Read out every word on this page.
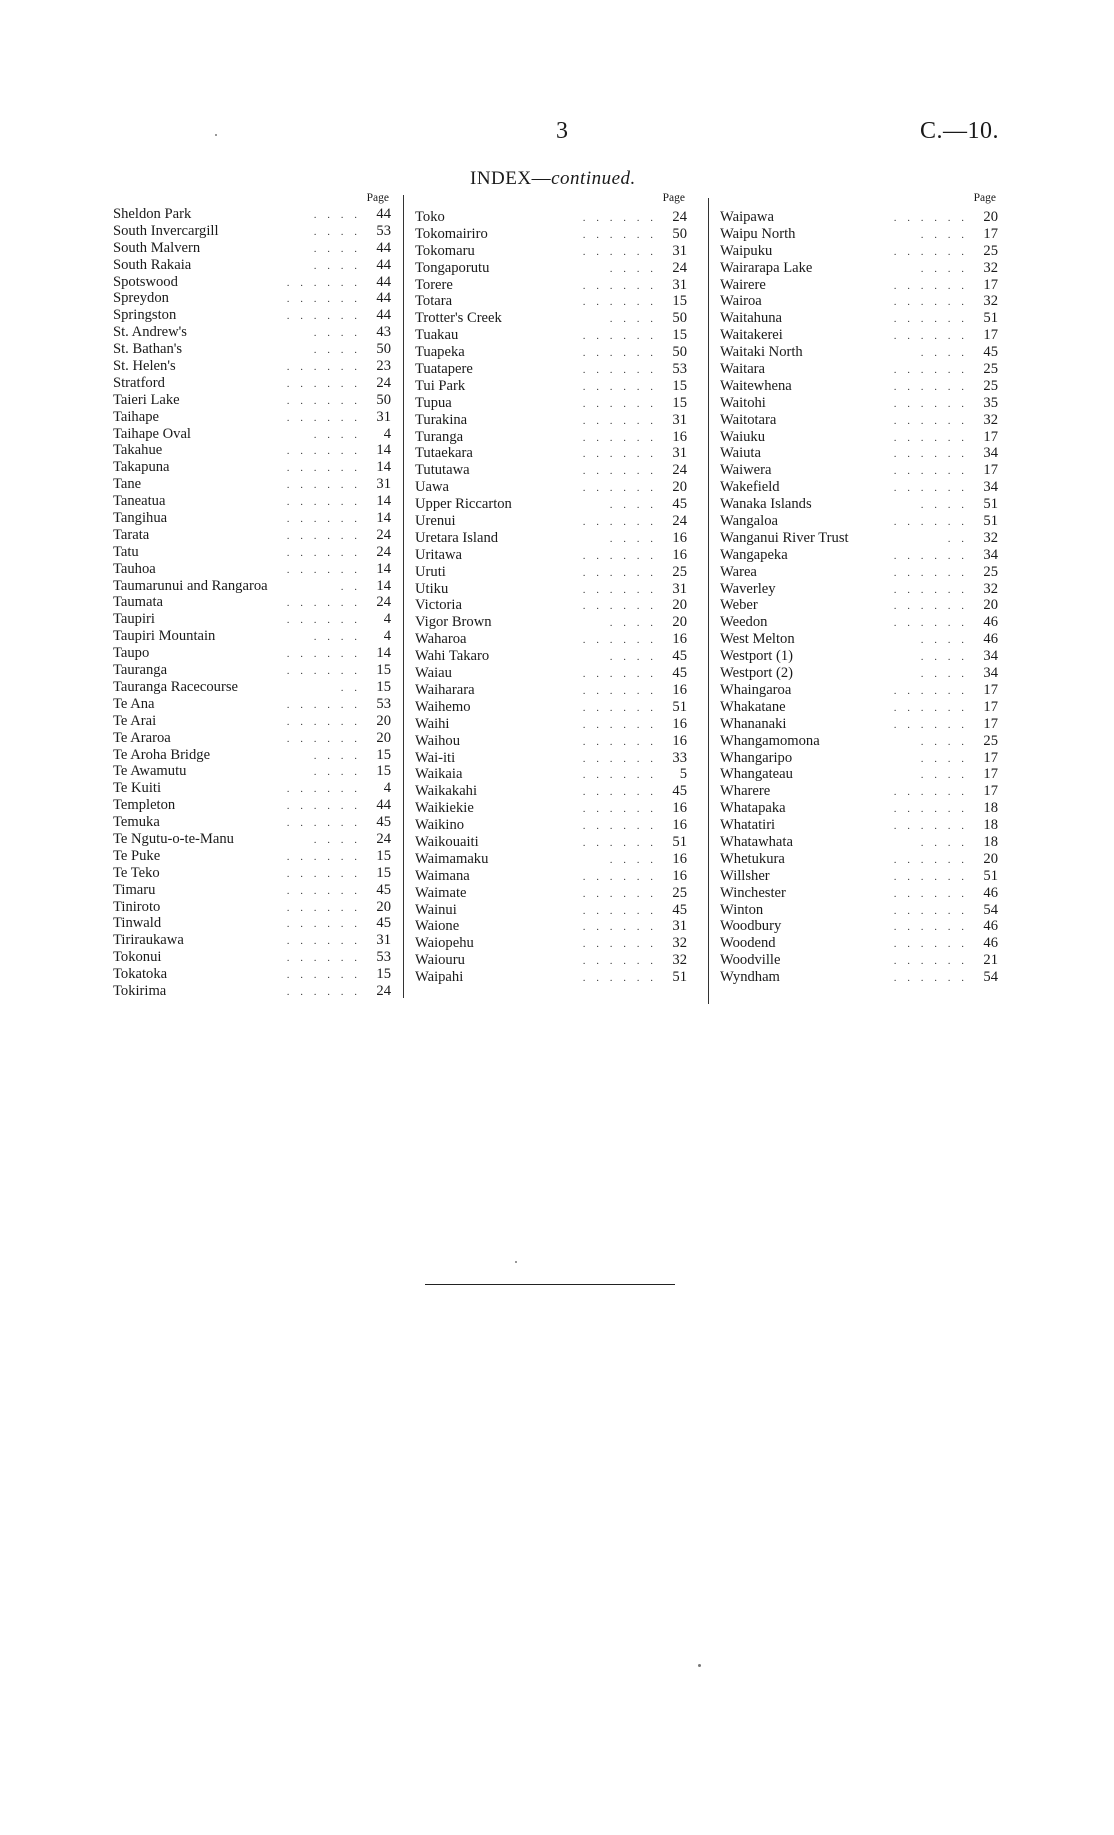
3	C.—10.
INDEX—continued.
Page
Sheldon Park	. . . .	44
South Invercargill	. . . .	53
South Malvern	. . . .	44
South Rakaia	. . . .	44
Spotswood	. . . . . .	44
Spreydon	. . . . . .	44
Springston	. . . . . .	44
St. Andrew's	. . . .	43
St. Bathan's	. . . .	50
St. Helen's	. . . . . .	23
Stratford	. . . . . .	24
Taieri Lake	. . . . . .	50
Taihape	. . . . . .	31
Taihape Oval	. . . .	4
Takahue	. . . . . .	14
Takapuna	. . . . . .	14
Tane	. . . . . .	31
Taneatua	. . . . . .	14
Tangihua	. . . . . .	14
Tarata	. . . . . .	24
Tatu	. . . . . .	24
Tauhoa	. . . . . .	14
Taumarunui and Rangaroa	. .	14
Taumata	. . . . . .	24
Taupiri	. . . . . .	4
Taupiri Mountain	. . . .	4
Taupo	. . . . . .	14
Tauranga	. . . . . .	15
Tauranga Racecourse	. .	15
Te Ana	. . . . . .	53
Te Arai	. . . . . .	20
Te Araroa	. . . . . .	20
Te Aroha Bridge	. . . .	15
Te Awamutu	. . . .	15
Te Kuiti	. . . . . .	4
Templeton	. . . . . .	44
Temuka	. . . . . .	45
Te Ngutu-o-te-Manu	. . . .	24
Te Puke	. . . . . .	15
Te Teko	. . . . . .	15
Timaru	. . . . . .	45
Tiniroto	. . . . . .	20
Tinwald	. . . . . .	45
Tiriraukawa	. . . . . .	31
Tokonui	. . . . . .	53
Tokatoka	. . . . . .	15
Tokirima	. . . . . .	24
Page
Toko	. . . . . .	24
Tokomairiro	. . . . . .	50
Tokomaru	. . . . . .	31
Tongaporutu	. . . .	24
Torere	. . . . . .	31
Totara	. . . . . .	15
Trotter's Creek	. . . .	50
Tuakau	. . . . . .	15
Tuapeka	. . . . . .	50
Tuatapere	. . . . . .	53
Tui Park	. . . . . .	15
Tupua	. . . . . .	15
Turakina	. . . . . .	31
Turanga	. . . . . .	16
Tutaekara	. . . . . .	31
Tututawa	. . . . . .	24
Uawa	. . . . . .	20
Upper Riccarton	. . . .	45
Urenui	. . . . . .	24
Uretara Island	. . . .	16
Uritawa	. . . . . .	16
Uruti	. . . . . .	25
Utiku	. . . . . .	31
Victoria	. . . . . .	20
Vigor Brown	. . . .	20
Waharoa	. . . . . .	16
Wahi Takaro	. . . .	45
Waiau	. . . . . .	45
Waiharara	. . . . . .	16
Waihemo	. . . . . .	51
Waihi	. . . . . .	16
Waihou	. . . . . .	16
Wai-iti	. . . . . .	33
Waikaia	. . . . . .	5
Waikakahi	. . . . . .	45
Waikiekie	. . . . . .	16
Waikino	. . . . . .	16
Waikouaiti	. . . . . .	51
Waimamaku	. . . .	16
Waimana	. . . . . .	16
Waimate	. . . . . .	25
Wainui	. . . . . .	45
Waione	. . . . . .	31
Waiopehu	. . . . . .	32
Waiouru	. . . . . .	32
Waipahi	. . . . . .	51
Page
Waipawa	. . . . . .	20
Waipu North	. . . .	17
Waipuku	. . . . . .	25
Wairarapa Lake	. . . .	32
Wairere	. . . . . .	17
Wairoa	. . . . . .	32
Waitahuna	. . . . . .	51
Waitakerei	. . . . . .	17
Waitaki North	. . . .	45
Waitara	. . . . . .	25
Waitewhena	. . . . . .	25
Waitohi	. . . . . .	35
Waitotara	. . . . . .	32
Waiuku	. . . . . .	17
Waiuta	. . . . . .	34
Waiwera	. . . . . .	17
Wakefield	. . . . . .	34
Wanaka Islands	. . . .	51
Wangaloa	. . . . . .	51
Wanganui River Trust	. .	32
Wangapeka	. . . . . .	34
Warea	. . . . . .	25
Waverley	. . . . . .	32
Weber	. . . . . .	20
Weedon	. . . . . .	46
West Melton	. . . .	46
Westport (1)	. . . .	34
Westport (2)	. . . .	34
Whaingaroa	. . . . . .	17
Whakatane	. . . . . .	17
Whananaki	. . . . . .	17
Whangamomona	. . . .	25
Whangaripo	. . . .	17
Whangateau	. . . .	17
Wharere	. . . . . .	17
Whatapaka	. . . . . .	18
Whatatiri	. . . . . .	18
Whatawhata	. . . .	18
Whetukura	. . . . . .	20
Willsher	. . . . . .	51
Winchester	. . . . . .	46
Winton	. . . . . .	54
Woodbury	. . . . . .	46
Woodend	. . . . . .	46
Woodville	. . . . . .	21
Wyndham	. . . . . .	54
